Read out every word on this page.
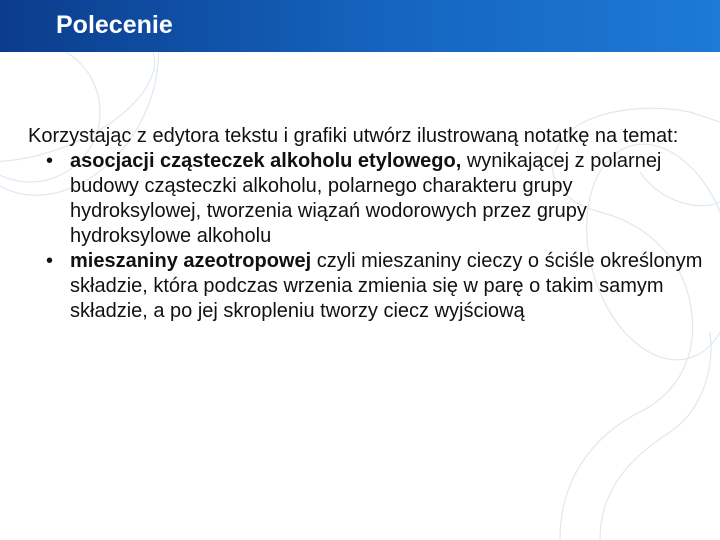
Polecenie

Korzystając z edytora tekstu i grafiki utwórz ilustrowaną notatkę na temat:

• asocjacji cząsteczek alkoholu etylowego, wynikającej z polarnej budowy cząsteczki alkoholu, polarnego charakteru grupy hydroksylowej, tworzenia wiązań wodorowych przez grupy hydroksylowe alkoholu
• mieszaniny azeotropowej czyli mieszaniny cieczy o ściśle określonym składzie, która podczas wrzenia zmienia się w parę o takim samym składzie, a po jej skropleniu tworzy ciecz wyjściową
